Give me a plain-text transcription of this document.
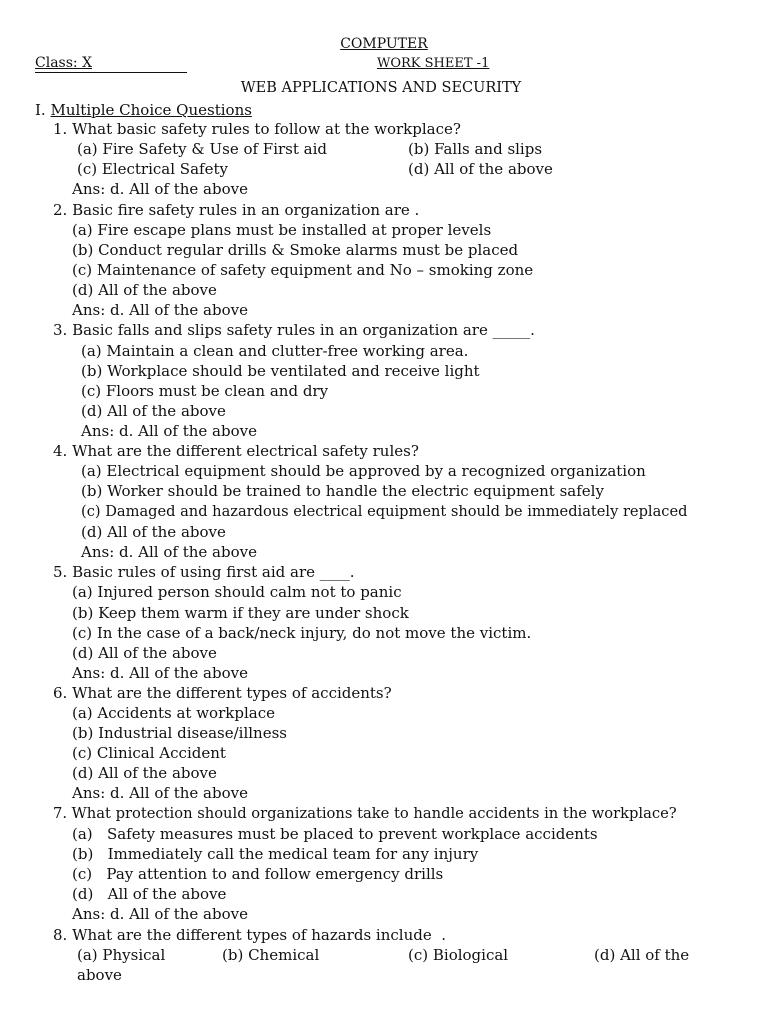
COMPUTER
Class: X	WORK SHEET -1
WEB APPLICATIONS AND SECURITY
I. Multiple Choice Questions
1. What basic safety rules to follow at the workplace?
(a) Fire Safety & Use of First aid	(b) Falls and slips
(c) Electrical Safety	(d) All of the above
Ans: d. All of the above
2. Basic fire safety rules in an organization are .
(a) Fire escape plans must be installed at proper levels
(b) Conduct regular drills & Smoke alarms must be placed
(c) Maintenance of safety equipment and No – smoking zone
(d) All of the above
Ans: d. All of the above
3. Basic falls and slips safety rules in an organization are _____.
(a) Maintain a clean and clutter-free working area.
(b) Workplace should be ventilated and receive light
(c) Floors must be clean and dry
(d) All of the above
Ans: d. All of the above
4. What are the different electrical safety rules?
(a) Electrical equipment should be approved by a recognized organization
(b) Worker should be trained to handle the electric equipment safely
(c) Damaged and hazardous electrical equipment should be immediately replaced
(d) All of the above
Ans: d. All of the above
5. Basic rules of using first aid are ____.
(a) Injured person should calm not to panic
(b) Keep them warm if they are under shock
(c) In the case of a back/neck injury, do not move the victim.
(d) All of the above
Ans: d. All of the above
6. What are the different types of accidents?
(a) Accidents at workplace
(b) Industrial disease/illness
(c) Clinical Accident
(d) All of the above
Ans: d. All of the above
7. What protection should organizations take to handle accidents in the workplace?
(a)   Safety measures must be placed to prevent workplace accidents
(b)   Immediately call the medical team for any injury
(c)   Pay attention to and follow emergency drills
(d)   All of the above
Ans: d. All of the above
8. What are the different types of hazards include  .
(a) Physical	(b) Chemical	(c) Biological	(d) All of the
above
